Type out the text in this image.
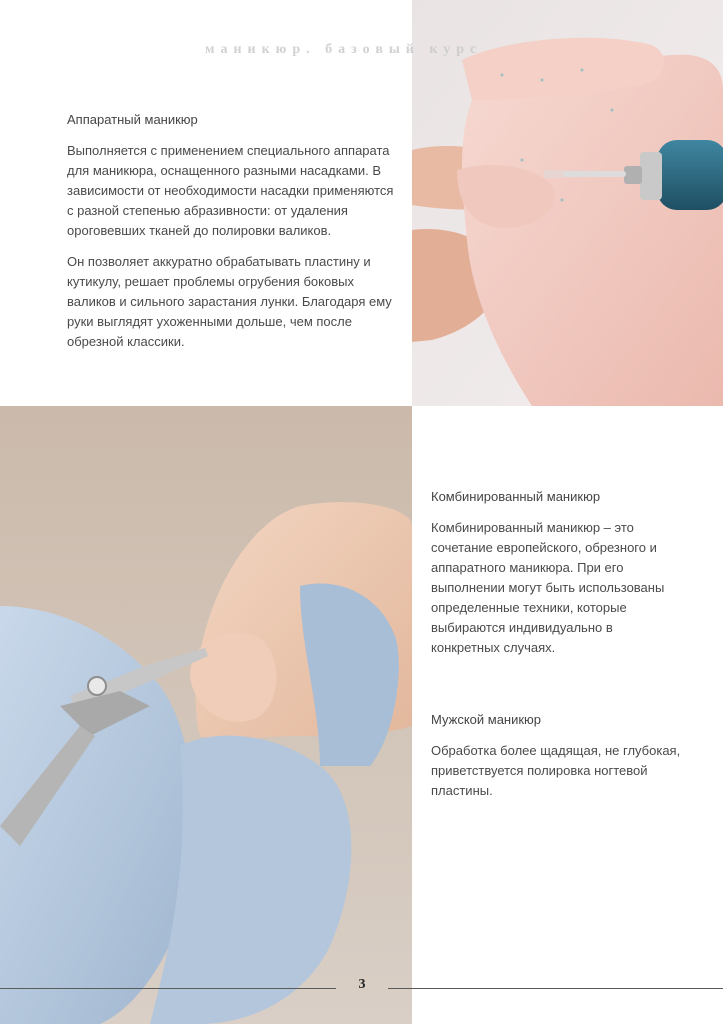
маникюр. базовый курс
Аппаратный маникюр

Выполняется с применением специального аппарата для маникюра, оснащенного разными насадками. В зависимости от необходимости насадки применяются с разной степенью абразивности: от удаления ороговевших тканей до полировки валиков.

Он позволяет аккуратно обрабатывать пластину и кутикулу, решает проблемы огрубения боковых валиков и сильного зарастания лунки. Благодаря ему руки выглядят ухоженными дольше, чем после обрезной классики.

Комбинированный маникюр

Комбинированный маникюр – это сочетание европейского, обрезного и аппаратного маникюра. При его выполнении могут быть использованы определенные техники, которые выбираются индивидуально в конкретных случаях.

Мужской маникюр

Обработка более щадящая, не глубокая, приветствуется полировка ногтевой пластины.

3
